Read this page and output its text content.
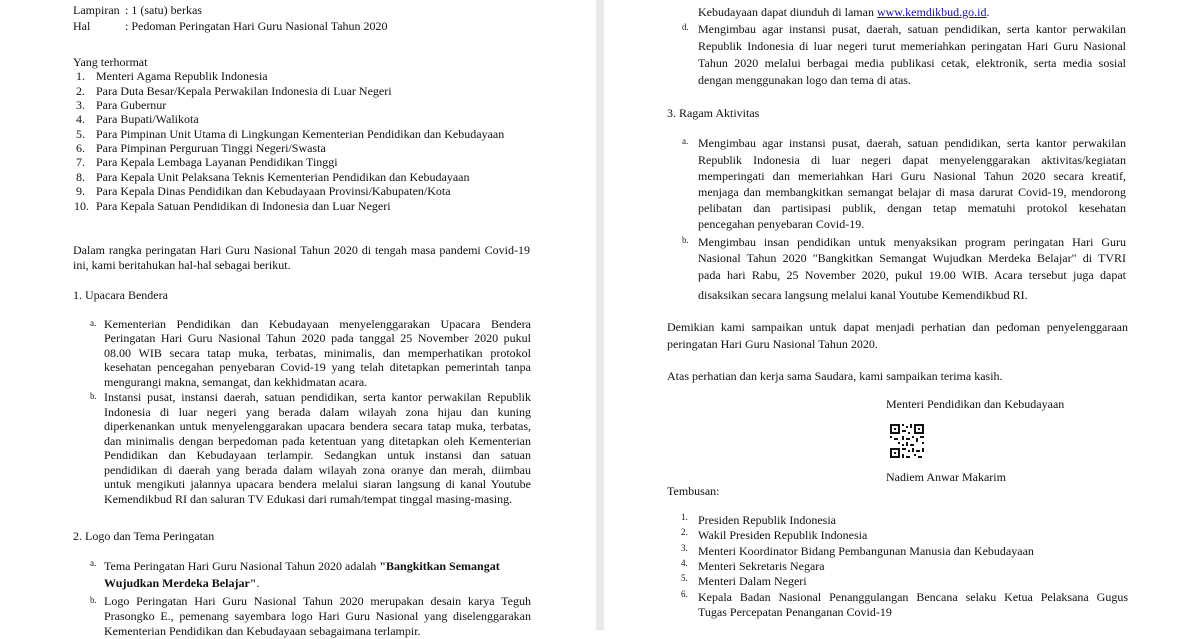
Lampiran : 1 (satu) berkas
Hal	: Pedoman Peringatan Hari Guru Nasional Tahun 2020
Yang terhormat
1. Menteri Agama Republik Indonesia
2. Para Duta Besar/Kepala Perwakilan Indonesia di Luar Negeri
3. Para Gubernur
4. Para Bupati/Walikota
5. Para Pimpinan Unit Utama di Lingkungan Kementerian Pendidikan dan Kebudayaan
6. Para Pimpinan Perguruan Tinggi Negeri/Swasta
7. Para Kepala Lembaga Layanan Pendidikan Tinggi
8. Para Kepala Unit Pelaksana Teknis Kementerian Pendidikan dan Kebudayaan
9. Para Kepala Dinas Pendidikan dan Kebudayaan Provinsi/Kabupaten/Kota
10. Para Kepala Satuan Pendidikan di Indonesia dan Luar Negeri
Dalam rangka peringatan Hari Guru Nasional Tahun 2020 di tengah masa pandemi Covid-19
ini, kami beritahukan hal-hal sebagai berikut.
1. Upacara Bendera
a. Kementerian Pendidikan dan Kebudayaan menyelenggarakan Upacara Bendera
Peringatan Hari Guru Nasional Tahun 2020 pada tanggal 25 November 2020 pukul
08.00 WIB secara tatap muka, terbatas, minimalis, dan memperhatikan protokol
kesehatan pencegahan penyebaran Covid-19 yang telah ditetapkan pemerintah tanpa
mengurangi makna, semangat, dan kekhidmatan acara.
b. Instansi pusat, instansi daerah, satuan pendidikan, serta kantor perwakilan Republik
Indonesia di luar negeri yang berada dalam wilayah zona hijau dan kuning
diperkenankan untuk menyelenggarakan upacara bendera secara tatap muka, terbatas,
dan minimalis dengan berpedoman pada ketentuan yang ditetapkan oleh Kementerian
Pendidikan dan Kebudayaan terlampir. Sedangkan untuk instansi dan satuan
pendidikan di daerah yang berada dalam wilayah zona oranye dan merah, diimbau
untuk mengikuti jalannya upacara bendera melalui siaran langsung di kanal Youtube
Kemendikbud RI dan saluran TV Edukasi dari rumah/tempat tinggal masing-masing.
2. Logo dan Tema Peringatan
a. Tema Peringatan Hari Guru Nasional Tahun 2020 adalah "Bangkitkan Semangat
Wujudkan Merdeka Belajar".
b. Logo Peringatan Hari Guru Nasional Tahun 2020 merupakan desain karya Teguh
Prasongko E., pemenang sayembara logo Hari Guru Nasional yang diselenggarakan
Kementerian Pendidikan dan Kebudayaan sebagaimana terlampir.
Kebudayaan dapat diunduh di laman www.kemdikbud.go.id.
d. Mengimbau agar instansi pusat, daerah, satuan pendidikan, serta kantor perwakilan
Republik Indonesia di luar negeri turut memeriahkan peringatan Hari Guru Nasional
Tahun 2020 melalui berbagai media publikasi cetak, elektronik, serta media sosial
dengan menggunakan logo dan tema di atas.
3. Ragam Aktivitas
a. Mengimbau agar instansi pusat, daerah, satuan pendidikan, serta kantor perwakilan
Republik Indonesia di luar negeri dapat menyelenggarakan aktivitas/kegiatan
memperingati dan memeriahkan Hari Guru Nasional Tahun 2020 secara kreatif,
menjaga dan membangkitkan semangat belajar di masa darurat Covid-19, mendorong
pelibatan dan partisipasi publik, dengan tetap mematuhi protokol kesehatan
pencegahan penyebaran Covid-19.
b. Mengimbau insan pendidikan untuk menyaksikan program peringatan Hari Guru
Nasional Tahun 2020 "Bangkitkan Semangat Wujudkan Merdeka Belajar" di TVRI
pada hari Rabu, 25 November 2020, pukul 19.00 WIB. Acara tersebut juga dapat
disaksikan secara langsung melalui kanal Youtube Kemendikbud RI.
Demikian kami sampaikan untuk dapat menjadi perhatian dan pedoman penyelenggaraan
peringatan Hari Guru Nasional Tahun 2020.
Atas perhatian dan kerja sama Saudara, kami sampaikan terima kasih.
Menteri Pendidikan dan Kebudayaan
Nadiem Anwar Makarim
Tembusan:
1. Presiden Republik Indonesia
2. Wakil Presiden Republik Indonesia
3. Menteri Koordinator Bidang Pembangunan Manusia dan Kebudayaan
4. Menteri Sekretaris Negara
5. Menteri Dalam Negeri
6. Kepala Badan Nasional Penanggulangan Bencana selaku Ketua Pelaksana Gugus
Tugas Percepatan Penanganan Covid-19
